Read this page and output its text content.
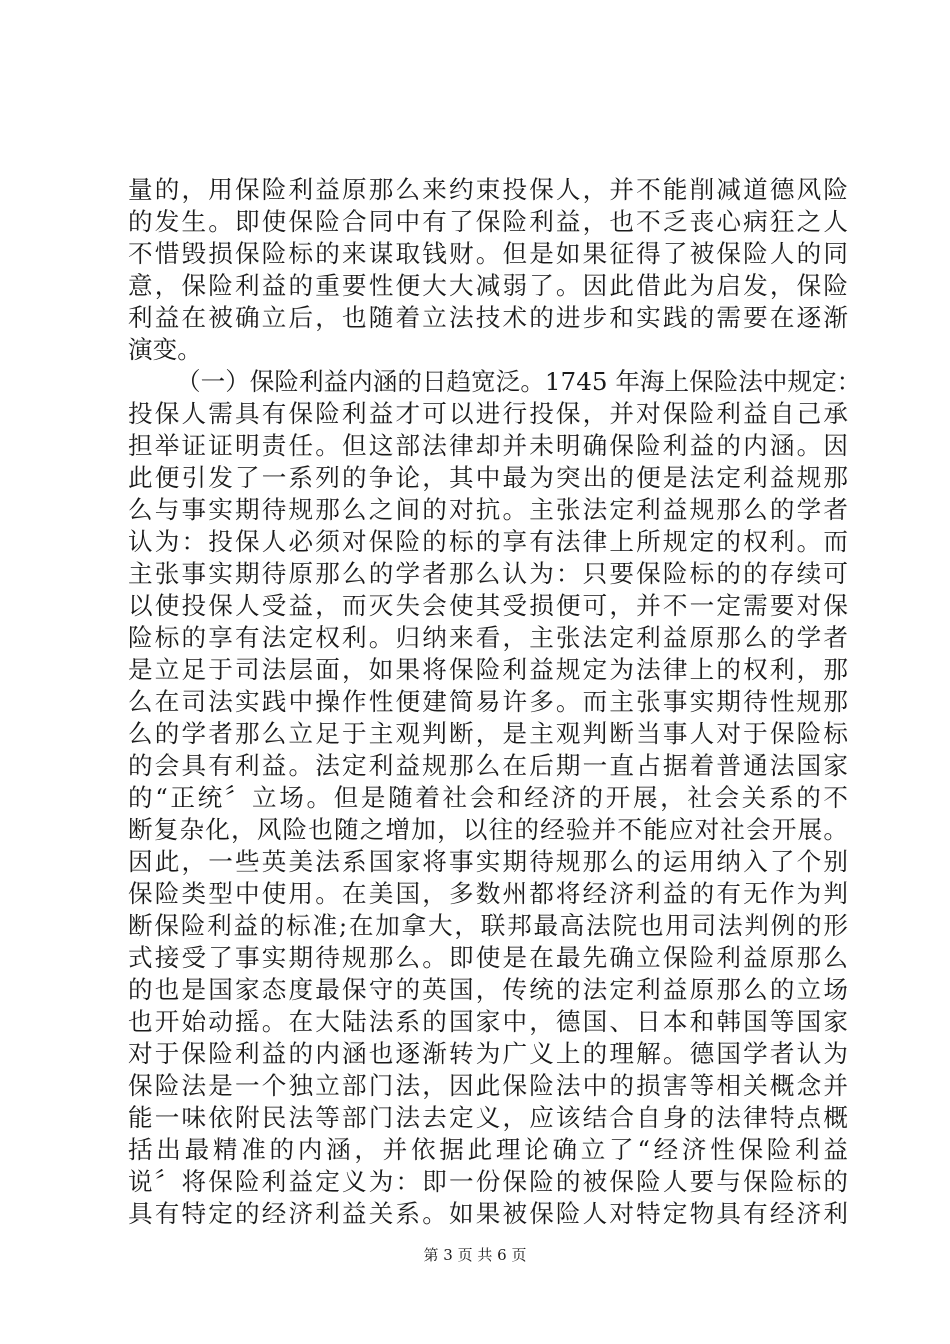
量的，用保险利益原那么来约束投保人，并不能削减道德风险
的发生。即使保险合同中有了保险利益，也不乏丧心病狂之人
不惜毁损保险标的来谋取钱财。但是如果征得了被保险人的同
意，保险利益的重要性便大大减弱了。因此借此为启发，保险
利益在被确立后，也随着立法技术的进步和实践的需要在逐渐
演变。
（一）保险利益内涵的日趋宽泛。1745 年海上保险法中规定：
投保人需具有保险利益才可以进行投保，并对保险利益自己承
担举证证明责任。但这部法律却并未明确保险利益的内涵。因
此便引发了一系列的争论，其中最为突出的便是法定利益规那
么与事实期待规那么之间的对抗。主张法定利益规那么的学者
认为：投保人必须对保险的标的享有法律上所规定的权利。而
主张事实期待原那么的学者那么认为：只要保险标的的存续可
以使投保人受益，而灭失会使其受损便可，并不一定需要对保
险标的享有法定权利。归纳来看，主张法定利益原那么的学者
是立足于司法层面，如果将保险利益规定为法律上的权利，那
么在司法实践中操作性便建简易许多。而主张事实期待性规那
么的学者那么立足于主观判断，是主观判断当事人对于保险标
的会具有利益。法定利益规那么在后期一直占据着普通法国家
的“正统〞立场。但是随着社会和经济的开展，社会关系的不
断复杂化，风险也随之增加，以往的经验并不能应对社会开展。
因此，一些英美法系国家将事实期待规那么的运用纳入了个别
保险类型中使用。在美国，多数州都将经济利益的有无作为判
断保险利益的标准;在加拿大，联邦最高法院也用司法判例的形
式接受了事实期待规那么。即使是在最先确立保险利益原那么
的也是国家态度最保守的英国，传统的法定利益原那么的立场
也开始动摇。在大陆法系的国家中，德国、日本和韩国等国家
对于保险利益的内涵也逐渐转为广义上的理解。德国学者认为
保险法是一个独立部门法，因此保险法中的损害等相关概念并
能一味依附民法等部门法去定义，应该结合自身的法律特点概
括出最精准的内涵，并依据此理论确立了“经济性保险利益
说〞将保险利益定义为：即一份保险的被保险人要与保险标的
具有特定的经济利益关系。如果被保险人对特定物具有经济利
第 3 页 共 6 页
